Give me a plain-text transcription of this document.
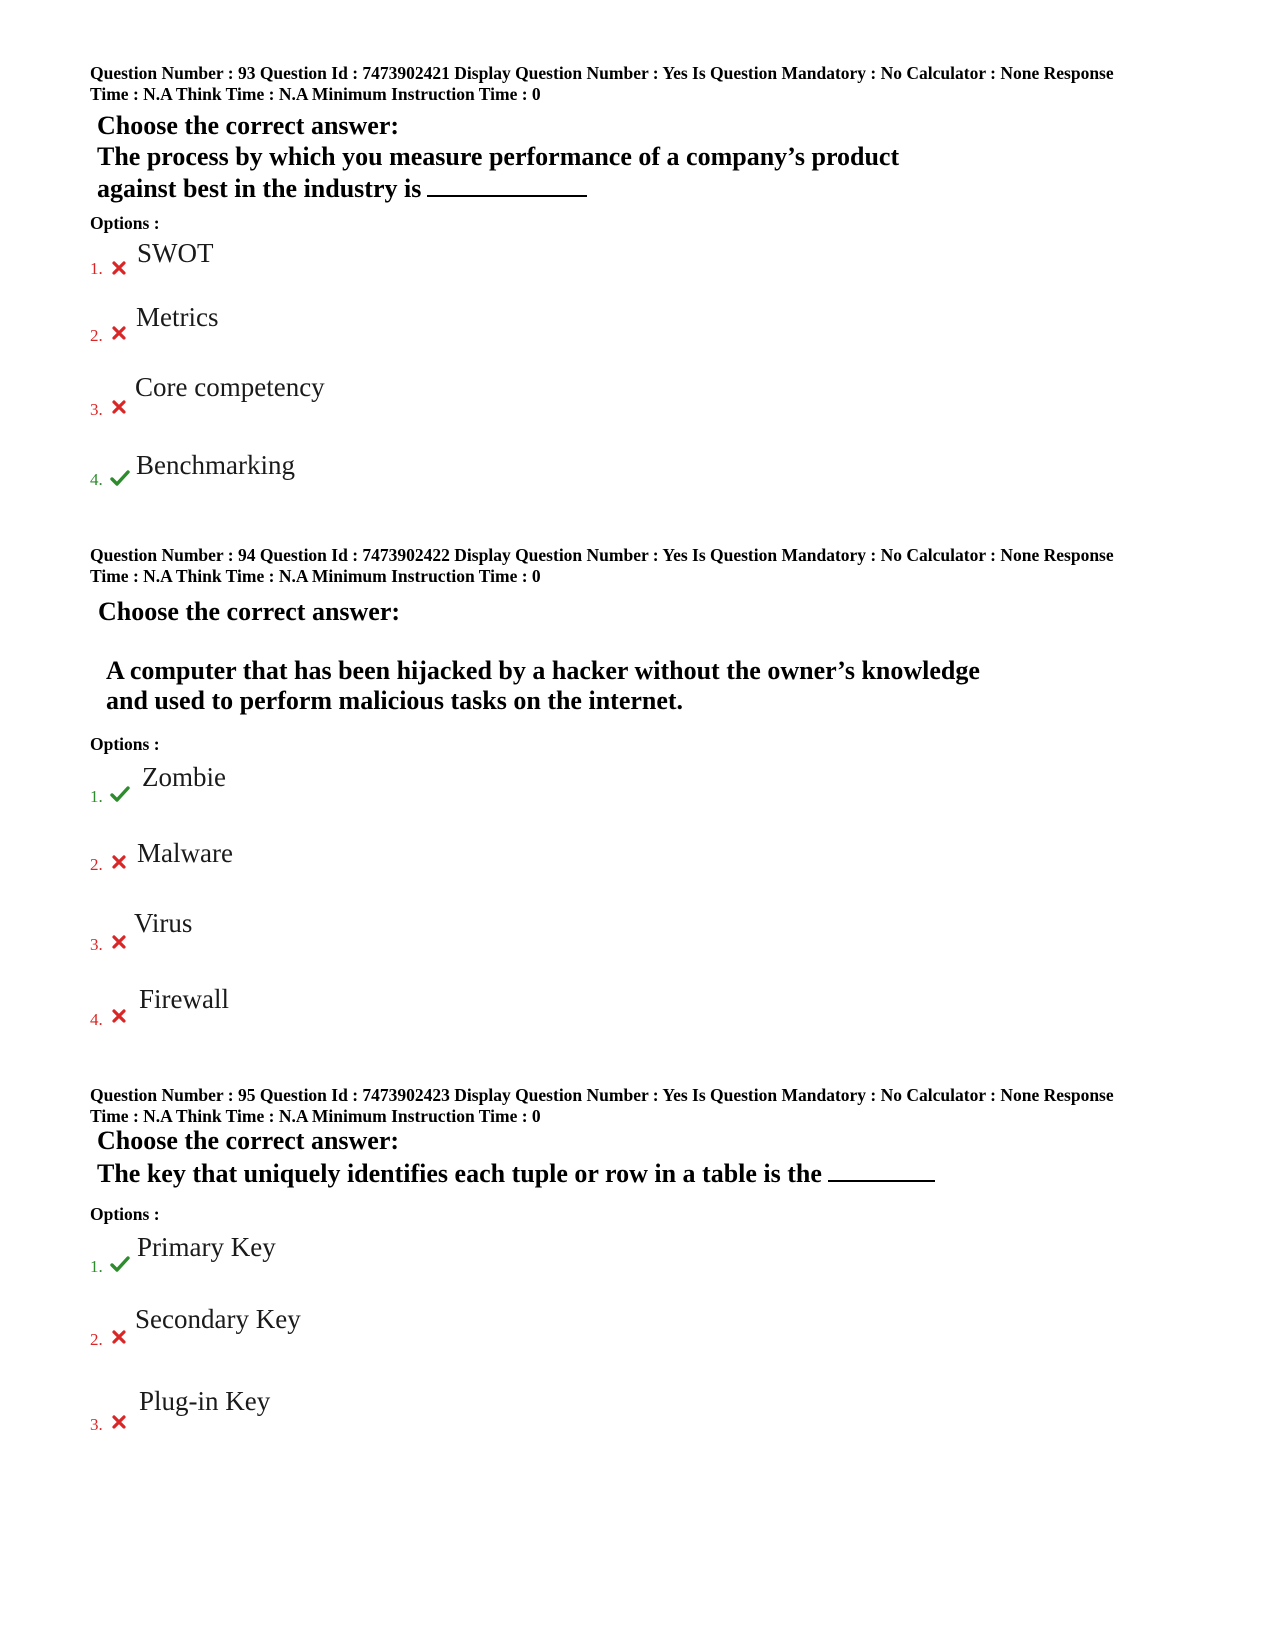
Question Number : 93 Question Id : 7473902421 Display Question Number : Yes Is Question Mandatory : No Calculator : None Response
Time : N.A Think Time : N.A Minimum Instruction Time : 0
Choose the correct answer:
The process by which you measure performance of a company’s product
against best in the industry is
Options :
1.
SWOT
2.
Metrics
3.
Core competency
4. Benchmarking
Question Number : 94 Question Id : 7473902422 Display Question Number : Yes Is Question Mandatory : No Calculator : None Response
Time : N.A Think Time : N.A Minimum Instruction Time : 0
Choose the correct answer:
A computer that has been hijacked by a hacker without the owner’s knowledge
and used to perform malicious tasks on the internet.
Options :
1.
Zombie
2. Malware
3.
Virus
4.
Firewall
Question Number : 95 Question Id : 7473902423 Display Question Number : Yes Is Question Mandatory : No Calculator : None Response
Time : N.A Think Time : N.A Minimum Instruction Time : 0
Choose the correct answer:
The key that uniquely identifies each tuple or row in a table is the
Options :
1.
Primary Key
2.
Secondary Key
3.
Plug-in Key
